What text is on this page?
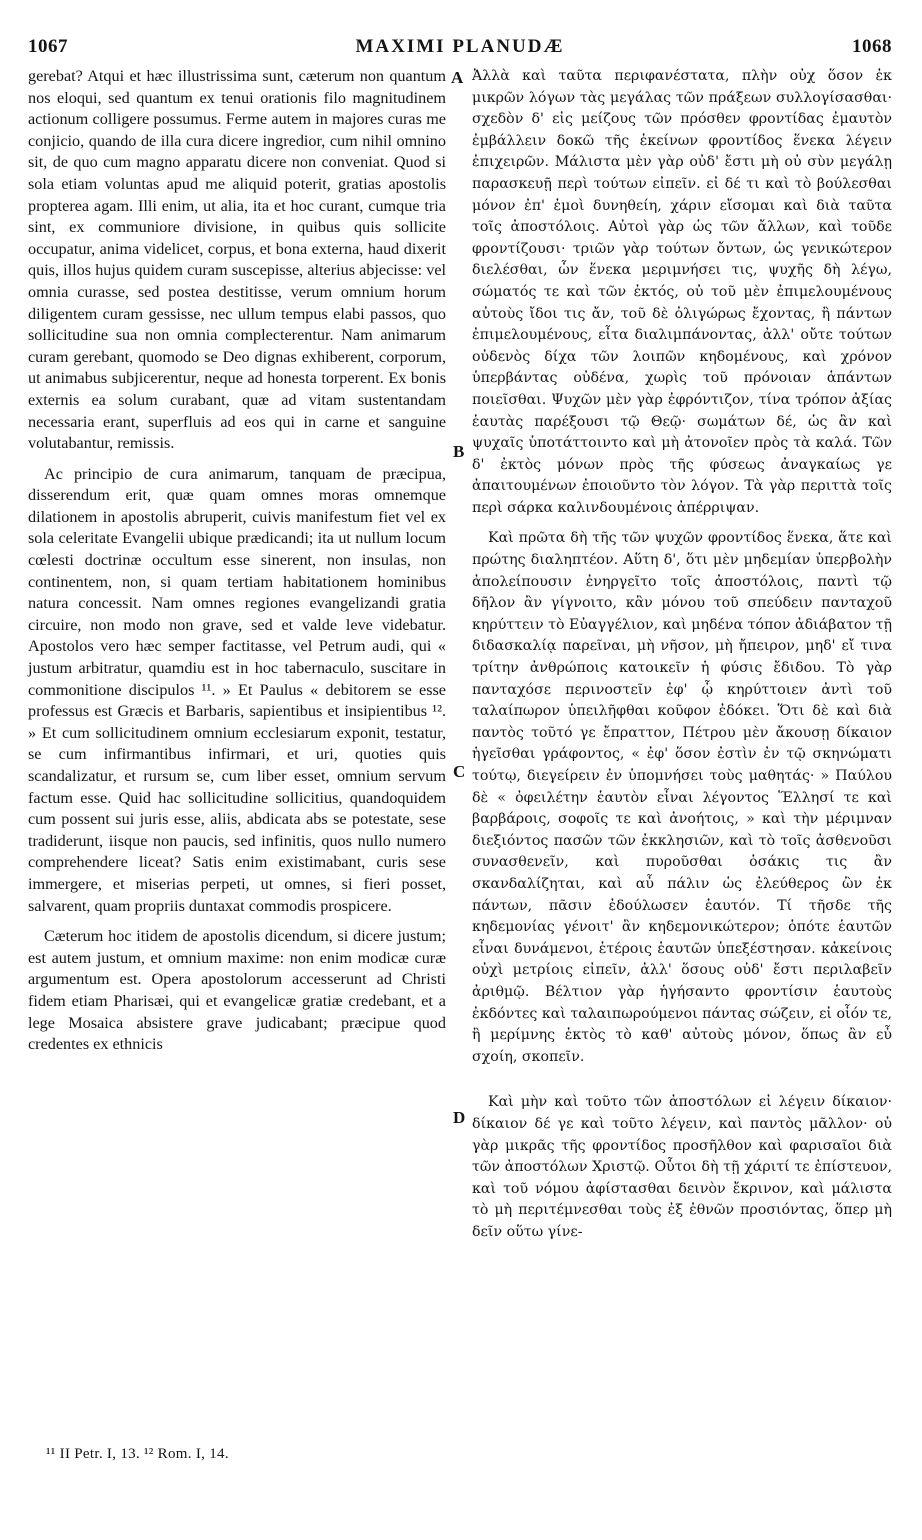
1067	MAXIMI PLANUDÆ	1068

gerebat? Atqui et hæc illustrissima sunt, cæterum non quantum nos eloqui, sed quantum ex tenui orationis filo magnitudinem actionum colligere possumus. Ferme autem in majores curas me conjicio, quando de illa cura dicere ingredior, cum nihil omnino sit, de quo cum magno apparatu dicere non conveniat. Quod si sola etiam voluntas apud me aliquid poterit, gratias apostolis propterea agam. Illi enim, ut alia, ita et hoc curant, cumque tria sint, ex communiore divisione, in quibus quis sollicite occupatur, anima videlicet, corpus, et bona externa, haud dixerit quis, illos hujus quidem curam suscepisse, alterius abjecisse: vel omnia curasse, sed postea destitisse, verum omnium horum diligentem curam gessisse, nec ullum tempus elabi passos, quo sollicitudine sua non omnia complecterentur. Nam animarum curam gerebant, quomodo se Deo dignas exhiberent, corporum, ut animabus subjicerentur, neque ad honesta torperent. Ex bonis externis ea solum curabant, quæ ad vitam sustentandam necessaria erant, superfluis ad eos qui in carne et sanguine volutabantur, remissis.

Ac principio de cura animarum, tanquam de præcipua, disserendum erit, quæ quam omnes moras omnemque dilationem in apostolis abruperit, cuivis manifestum fiet vel ex sola celeritate Evangelii ubique prædicandi; ita ut nullum locum cœlesti doctrinæ occultum esse sinerent, non insulas, non continentem, non, si quam tertiam habitationem hominibus natura concessit. Nam omnes regiones evangelizandi gratia circuire, non modo non grave, sed et valde leve videbatur. Apostolos vero hæc semper factitasse, vel Petrum audi, qui « justum arbitratur, quamdiu est in hoc tabernaculo, suscitare in commonitione discipulos ¹¹. » Et Paulus « debitorem se esse professus est Græcis et Barbaris, sapientibus et insipientibus ¹². » Et cum sollicitudinem omnium ecclesiarum exponit, testatur, se cum infirmantibus infirmari, et uri, quoties quis scandalizatur, et rursum se, cum liber esset, omnium servum factum esse. Quid hac sollicitudine sollicitius, quandoquidem cum possent sui juris esse, aliis, abdicata abs se potestate, sese tradiderunt, iisque non paucis, sed infinitis, quos nullo numero comprehendere liceat? Satis enim existimabant, curis sese immergere, et miserias perpeti, ut omnes, si fieri posset, salvarent, quam propriis duntaxat commodis prospicere.

Cæterum hoc itidem de apostolis dicendum, si dicere justum; est autem justum, et omnium maxime: non enim modicæ curæ argumentum est. Opera apostolorum accesserunt ad Christi fidem etiam Pharisæi, qui et evangelicæ gratiæ credebant, et a lege Mosaica absistere grave judicabant; præcipue quod credentes ex ethnicis

A
B
C
D

Ἀλλὰ καὶ ταῦτα περιφανέστατα, πλὴν οὐχ ὅσον ἐκ μικρῶν λόγων τὰς μεγάλας τῶν πράξεων συλλογίσασθαι· σχεδὸν δ' εἰς μείζους τῶν πρόσθεν φροντίδας ἐμαυτὸν ἐμβάλλειν δοκῶ τῆς ἐκείνων φροντίδος ἕνεκα λέγειν ἐπιχειρῶν. Μάλιστα μὲν γὰρ οὐδ' ἔστι μὴ οὐ σὺν μεγάλῃ παρασκευῇ περὶ τούτων εἰπεῖν. εἰ δέ τι καὶ τὸ βούλεσθαι μόνον ἐπ' ἐμοὶ δυνηθείη, χάριν εἴσομαι καὶ διὰ ταῦτα τοῖς ἀποστόλοις. Αὐτοὶ γὰρ ὡς τῶν ἄλλων, καὶ τοῦδε φροντίζουσι· τριῶν γὰρ τούτων ὄντων, ὡς γενικώτερον διελέσθαι, ὧν ἕνεκα μεριμνήσει τις, ψυχῆς δὴ λέγω, σώματός τε καὶ τῶν ἐκτός, οὐ τοῦ μὲν ἐπιμελουμένους αὐτοὺς ἴδοι τις ἄν, τοῦ δὲ ὀλιγώρως ἔχοντας, ἢ πάντων ἐπιμελουμένους, εἶτα διαλιμπάνοντας, ἀλλ' οὔτε τούτων οὐδενὸς δίχα τῶν λοιπῶν κηδομένους, καὶ χρόνον ὑπερβάντας οὐδένα, χωρὶς τοῦ πρόνοιαν ἁπάντων ποιεῖσθαι. Ψυχῶν μὲν γὰρ ἐφρόντιζον, τίνα τρόπον ἀξίας ἑαυτὰς παρέξουσι τῷ Θεῷ· σωμάτων δέ, ὡς ἂν καὶ ψυχαῖς ὑποτάττοιντο καὶ μὴ ἀτονοῖεν πρὸς τὰ καλά. Τῶν δ' ἐκτὸς μόνων πρὸς τῆς φύσεως ἀναγκαίως γε ἀπαιτουμένων ἐποιοῦντο τὸν λόγον. Τὰ γὰρ περιττὰ τοῖς περὶ σάρκα καλινδουμένοις ἀπέρριψαν.

Καὶ πρῶτα δὴ τῆς τῶν ψυχῶν φροντίδος ἕνεκα, ἅτε καὶ πρώτης διαληπτέον. Αὕτη δ', ὅτι μὲν μηδεμίαν ὑπερβολὴν ἀπολείπουσιν ἐνηργεῖτο τοῖς ἀποστόλοις, παντὶ τῷ δῆλον ἂν γίγνοιτο, κἂν μόνου τοῦ σπεύδειν πανταχοῦ κηρύττειν τὸ Εὐαγγέλιον, καὶ μηδένα τόπον ἀδιάβατον τῇ διδασκαλίᾳ παρεῖναι, μὴ νῆσον, μὴ ἤπειρον, μηδ' εἴ τινα τρίτην ἀνθρώποις κατοικεῖν ἡ φύσις ἔδιδου. Τὸ γὰρ πανταχόσε περινοστεῖν ἐφ' ᾧ κηρύττοιεν ἀντὶ τοῦ ταλαίπωρον ὑπειλῆφθαι κοῦφον ἐδόκει. Ὅτι δὲ καὶ διὰ παντὸς τοῦτό γε ἔπραττον, Πέτρου μὲν ἄκουσῃ δίκαιον ἡγεῖσθαι γράφοντος, « ἐφ' ὅσον ἐστὶν ἐν τῷ σκηνώματι τούτῳ, διεγείρειν ἐν ὑπομνήσει τοὺς μαθητάς· » Παύλου δὲ « ὀφειλέτην ἑαυτὸν εἶναι λέγοντος Ἕλλησί τε καὶ βαρβάροις, σοφοῖς τε καὶ ἀνοήτοις, » καὶ τὴν μέριμναν διεξιόντος πασῶν τῶν ἐκκλησιῶν, καὶ τὸ τοῖς ἀσθενοῦσι συνασθενεῖν, καὶ πυροῦσθαι ὁσάκις τις ἂν σκανδαλίζηται, καὶ αὖ πάλιν ὡς ἐλεύθερος ὢν ἐκ πάντων, πᾶσιν ἐδούλωσεν ἑαυτόν. Τί τῆσδε τῆς κηδεμονίας γένοιτ' ἂν κηδεμονικώτερον; ὁπότε ἑαυτῶν εἶναι δυνάμενοι, ἑτέροις ἑαυτῶν ὑπεξέστησαν. κἀκείνοις οὐχὶ μετρίοις εἰπεῖν, ἀλλ' ὅσους οὐδ' ἔστι περιλαβεῖν ἀριθμῷ. Βέλτιον γὰρ ἡγήσαντο φροντίσιν ἑαυτοὺς ἐκδόντες καὶ ταλαιπωρούμενοι πάντας σώζειν, εἰ οἷόν τε, ἢ μερίμνης ἐκτὸς τὸ καθ' αὐτοὺς μόνον, ὅπως ἂν εὖ σχοίη, σκοπεῖν.

Καὶ μὴν καὶ τοῦτο τῶν ἀποστόλων εἰ λέγειν δίκαιον· δίκαιον δέ γε καὶ τοῦτο λέγειν, καὶ παντὸς μᾶλλον· οὐ γὰρ μικρᾶς τῆς φροντίδος προσῆλθον καὶ φαρισαῖοι διὰ τῶν ἀποστόλων Χριστῷ. Οὗτοι δὴ τῇ χάριτί τε ἐπίστευον, καὶ τοῦ νόμου ἀφίστασθαι δεινὸν ἔκρινον, καὶ μάλιστα τὸ μὴ περιτέμνεσθαι τοὺς ἐξ ἐθνῶν προσιόντας, ὅπερ μὴ δεῖν οὕτω γίνε-

¹¹ II Petr. I, 13. ¹² Rom. I, 14.
